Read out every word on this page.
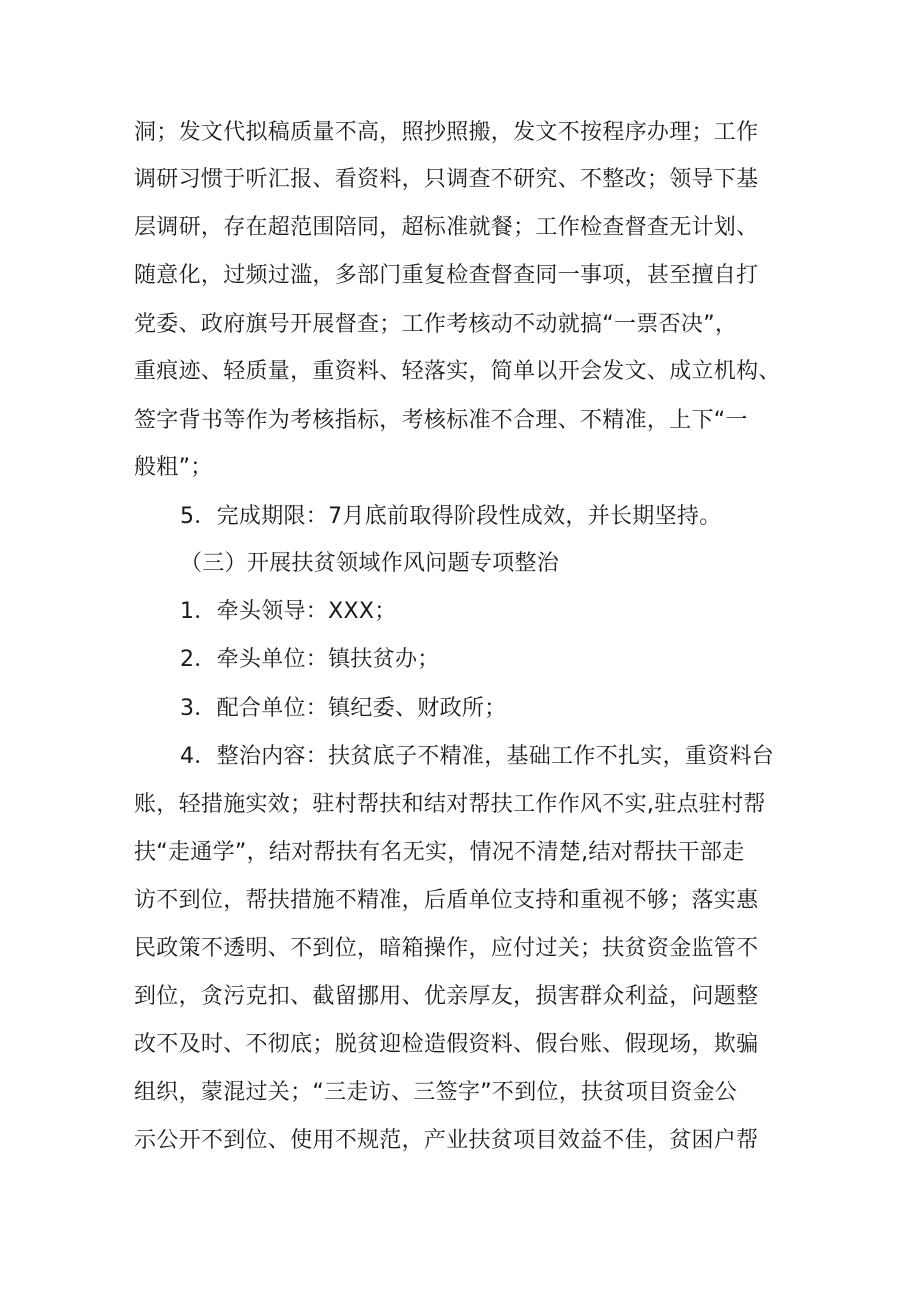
洞；发文代拟稿质量不高，照抄照搬，发文不按程序办理；工作

调研习惯于听汇报、看资料，只调查不研究、不整改；领导下基

层调研，存在超范围陪同，超标准就餐；工作检查督查无计划、

随意化，过频过滥，多部门重复检查督查同一事项，甚至擅自打

党委、政府旗号开展督查；工作考核动不动就搞“一票否决”，

重痕迹、轻质量，重资料、轻落实，简单以开会发文、成立机构、

签字背书等作为考核指标，考核标准不合理、不精准，上下“一

般粗”；

5．完成期限：7月底前取得阶段性成效，并长期坚持。

（三）开展扶贫领域作风问题专项整治

1．牵头领导：XXX；

2．牵头单位：镇扶贫办；

3．配合单位：镇纪委、财政所；

4．整治内容：扶贫底子不精准，基础工作不扎实，重资料台

账，轻措施实效；驻村帮扶和结对帮扶工作作风不实,驻点驻村帮

扶“走通学”，结对帮扶有名无实，情况不清楚,结对帮扶干部走

访不到位，帮扶措施不精准，后盾单位支持和重视不够；落实惠

民政策不透明、不到位，暗箱操作，应付过关；扶贫资金监管不

到位，贪污克扣、截留挪用、优亲厚友，损害群众利益，问题整

改不及时、不彻底；脱贫迎检造假资料、假台账、假现场，欺骗

组织，蒙混过关；“三走访、三签字”不到位，扶贫项目资金公

示公开不到位、使用不规范，产业扶贫项目效益不佳，贫困户帮
